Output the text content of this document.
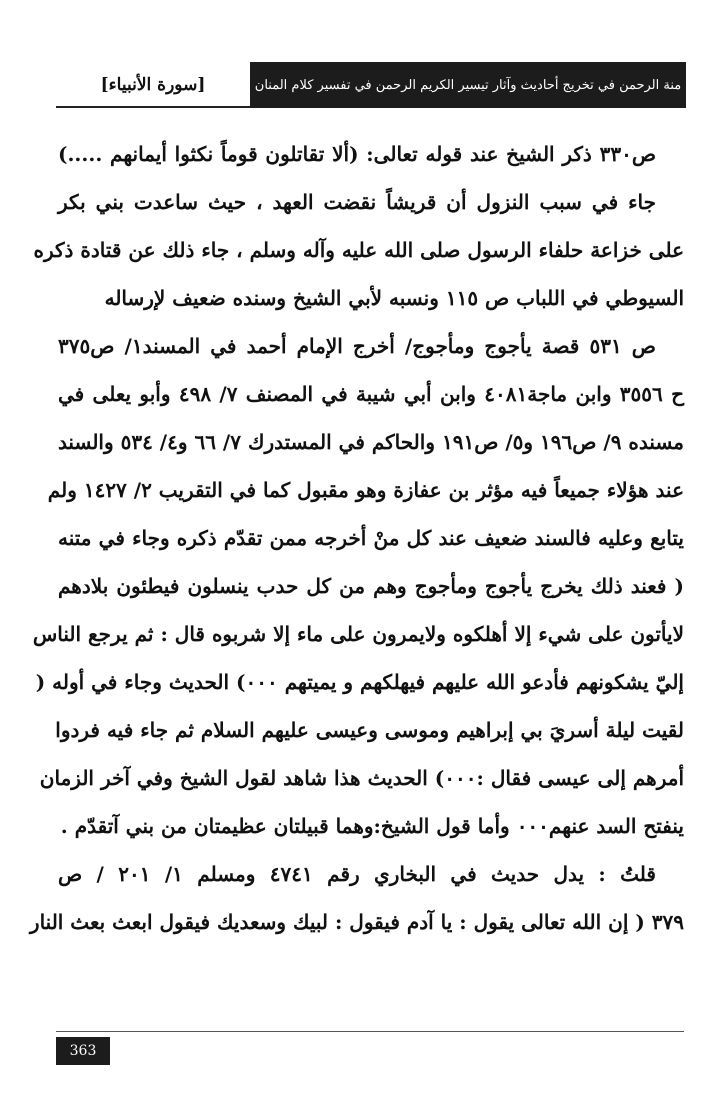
منة الرحمن في تخريج أحاديث وآثار تيسير الكريم الرحمن في تفسير كلام المنان
[سورة الأنبياء]
ص٣٣٠ ذكر الشيخ عند قوله تعالى: (ألا تقاتلون قوماً نكثوا أيمانهم .....)
جاء في سبب النزول أن قريشاً نقضت العهد ، حيث ساعدت بني بكر
على خزاعة حلفاء الرسول صلى الله عليه وآله وسلم ، جاء ذلك عن قتادة ذكره
السيوطي في اللباب ص ١١٥ ونسبه لأبي الشيخ وسنده ضعيف لإرساله
ص ٥٣١ قصة يأجوج ومأجوج/ أخرج الإمام أحمد في المسند١/ ص٣٧٥
ح ٣٥٥٦ وابن ماجة٤٠٨١ وابن أبي شيبة في المصنف ٧/ ٤٩٨ وأبو يعلى في
مسنده ٩/ ص١٩٦ و٥/ ص١٩١ والحاكم في المستدرك ٧/ ٦٦ و٤/ ٥٣٤ والسند
عند هؤلاء جميعاً فيه مؤثر بن عفازة وهو مقبول كما في التقريب ٢/ ١٤٢٧ ولم
يتابع وعليه فالسند ضعيف عند كل منْ أخرجه ممن تقدّم ذكره وجاء في متنه
( فعند ذلك يخرج يأجوج ومأجوج وهم من كل حدب ينسلون فيطئون بلادهم
لايأتون على شيء إلا أهلكوه ولايمرون على ماء إلا شربوه قال : ثم يرجع الناس
إليّ يشكونهم فأدعو الله عليهم فيهلكهم و يميتهم ٠٠٠) الحديث وجاء في أوله (
لقيت ليلة أسريَ بي إبراهيم وموسى وعيسى عليهم السلام ثم جاء فيه فردوا
أمرهم إلى عيسى فقال :٠٠٠) الحديث هذا شاهد لقول الشيخ وفي آخر الزمان
ينفتح السد عنهم٠٠٠ وأما قول الشيخ:وهما قبيلتان عظيمتان من بني آتقدّم .
قلتُ : يدل حديث في البخاري رقم ٤٧٤١ ومسلم ١/ ٢٠١ / ص
٣٧٩ ( إن الله تعالى يقول : يا آدم فيقول : لبيك وسعديك فيقول ابعث بعث النار
363
